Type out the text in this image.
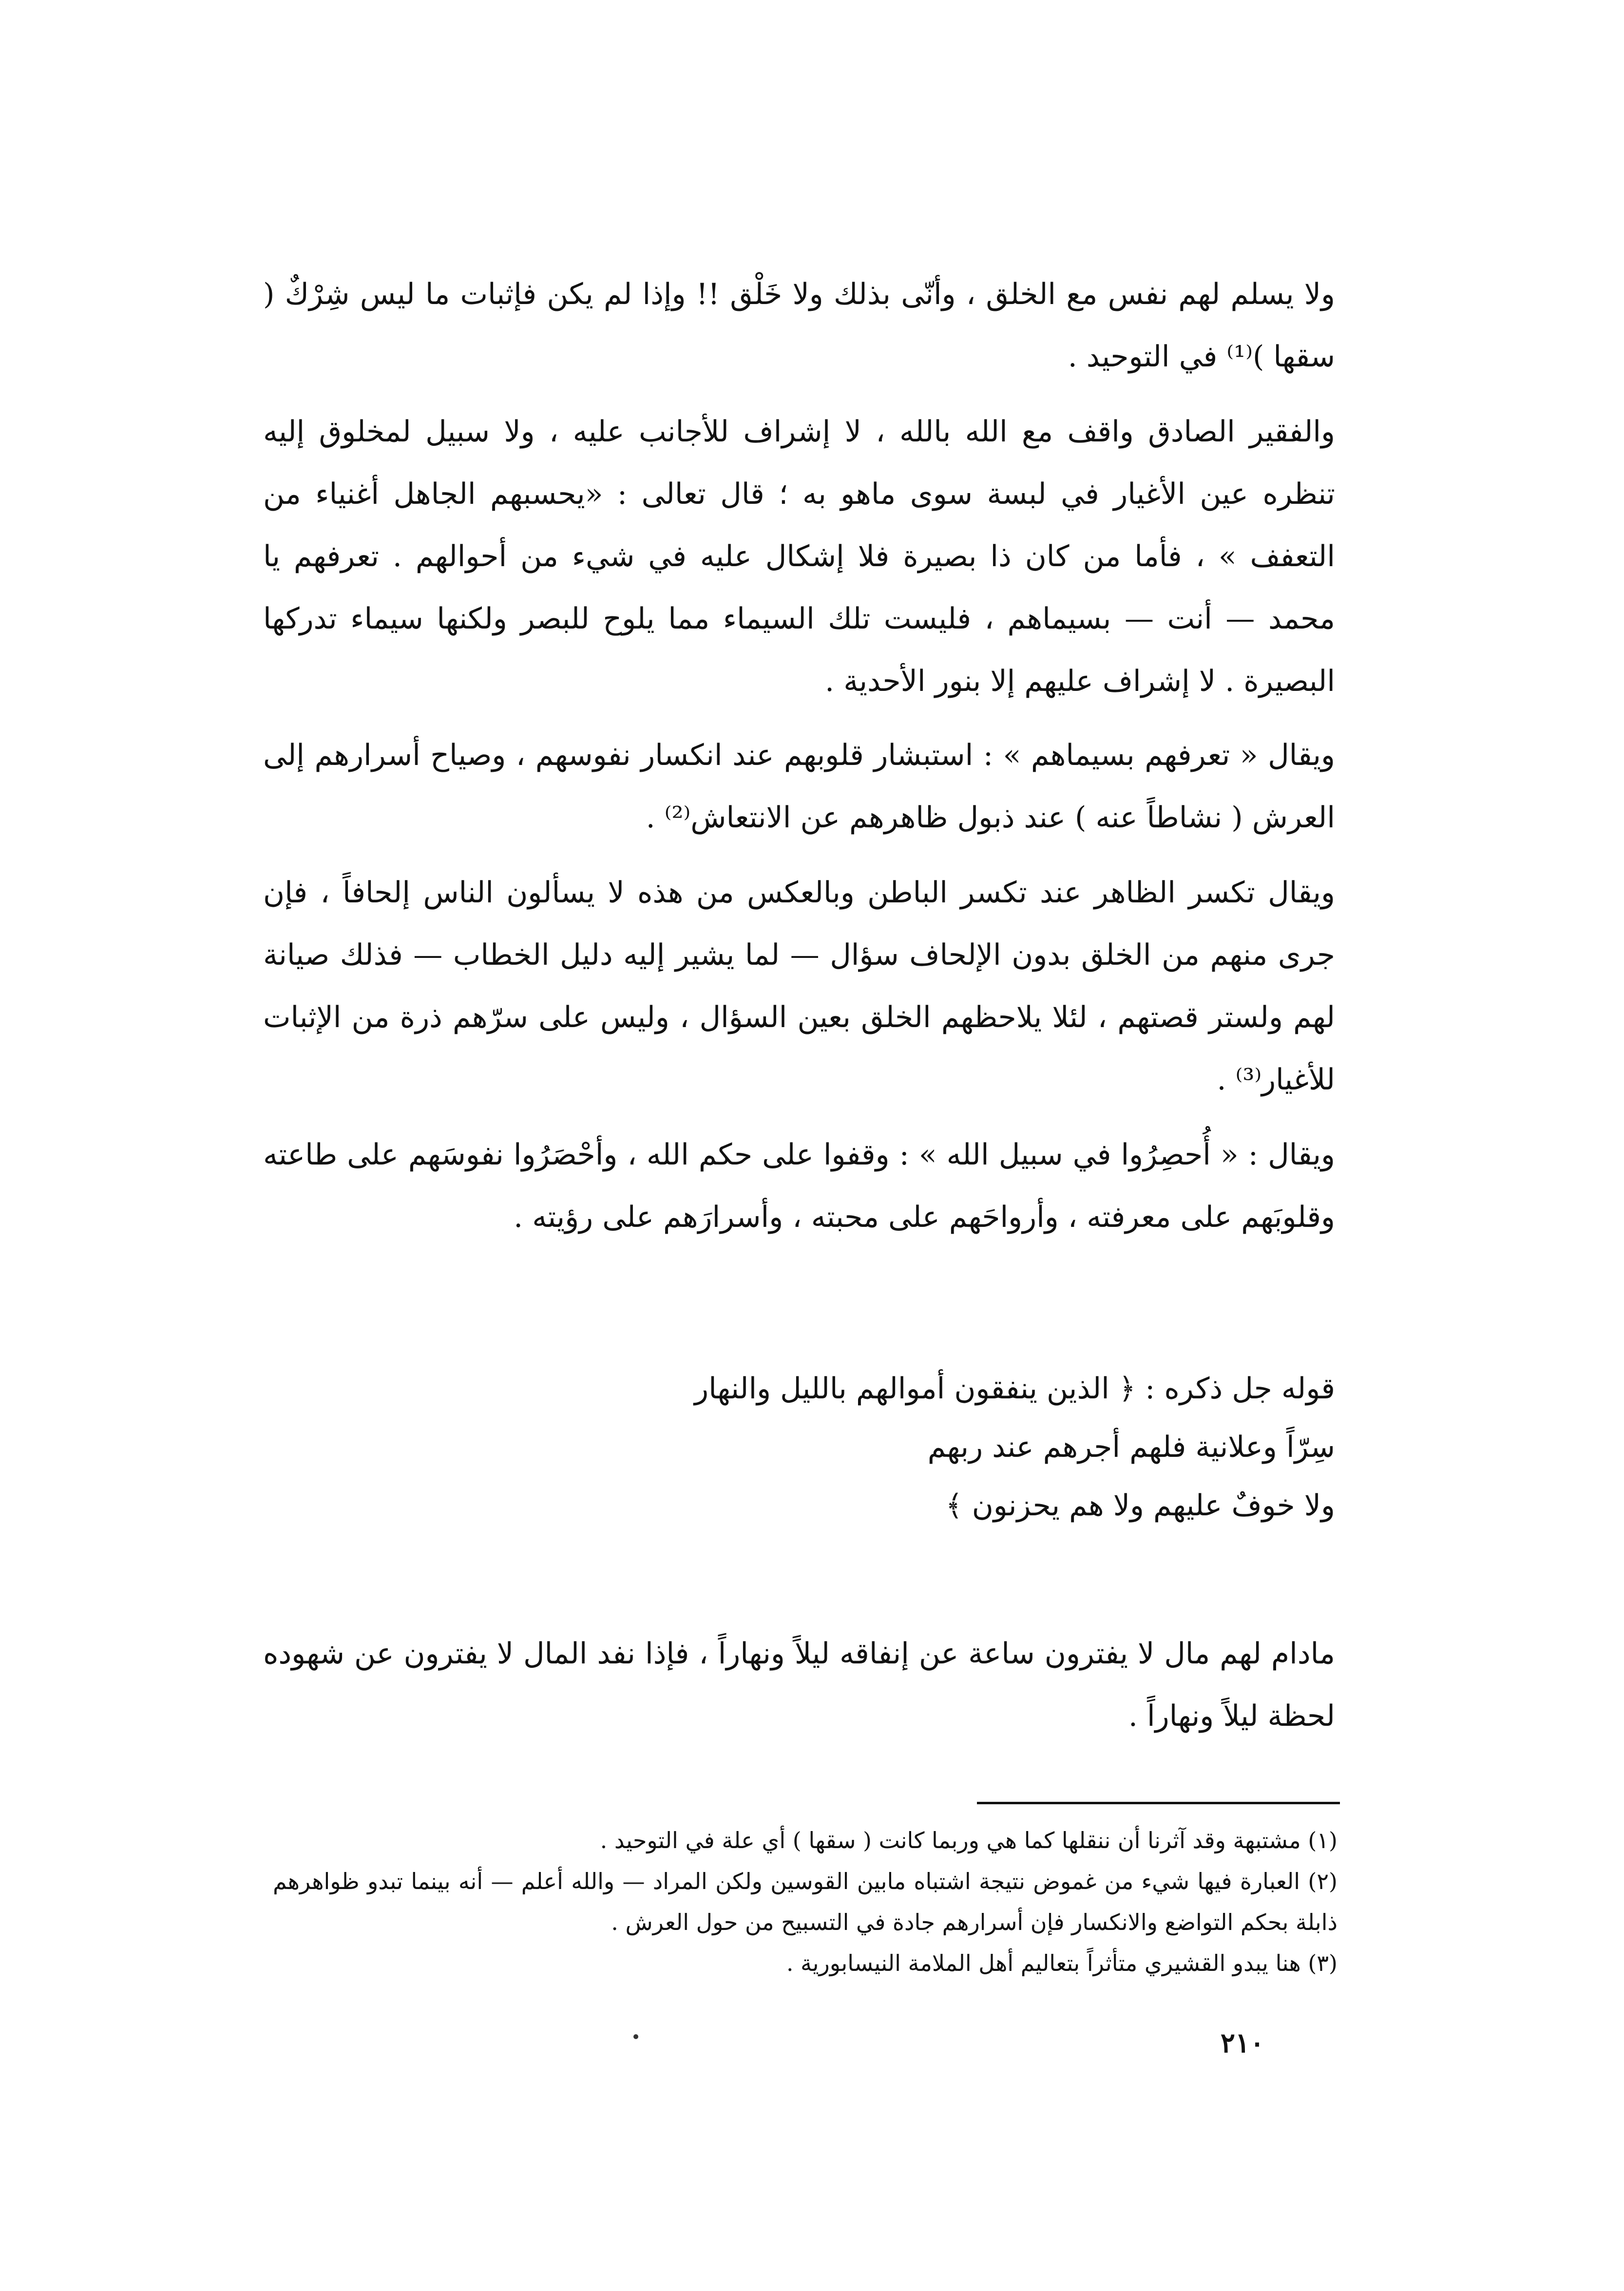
ولا يسلم لهم نفس مع الخلق ، وأنّى بذلك ولا خَلْق !! وإذا لم يكن فإثبات ما ليس شِرْكٌ ( سقها )⁽¹⁾ في التوحيد .

والفقير الصادق واقف مع الله بالله ، لا إشراف للأجانب عليه ، ولا سبيل لمخلوق إليه تنظره عين الأغيار في لبسة سوى ماهو به ؛ قال تعالى : «يحسبهم الجاهل أغنياء من التعفف » ، فأما من كان ذا بصيرة فلا إشكال عليه في شيء من أحوالهم . تعرفهم يا محمد — أنت — بسيماهم ، فليست تلك السيماء مما يلوح للبصر ولكنها سيماء تدركها البصيرة . لا إشراف عليهم إلا بنور الأحدية .

ويقال « تعرفهم بسيماهم » : استبشار قلوبهم عند انكسار نفوسهم ، وصياح أسرارهم إلى العرش ( نشاطاً عنه ) عند ذبول ظاهرهم عن الانتعاش⁽²⁾ .

ويقال تكسر الظاهر عند تكسر الباطن وبالعكس من هذه لا يسألون الناس إلحافاً ، فإن جرى منهم من الخلق بدون الإلحاف سؤال — لما يشير إليه دليل الخطاب — فذلك صيانة لهم ولستر قصتهم ، لئلا يلاحظهم الخلق بعين السؤال ، وليس على سرّهم ذرة من الإثبات للأغيار⁽³⁾ .

ويقال : « أُحصِرُوا في سبيل الله » : وقفوا على حكم الله ، وأحْصَرُوا نفوسَهم على طاعته وقلوبَهم على معرفته ، وأرواحَهم على محبته ، وأسرارَهم على رؤيته .

قوله جل ذكره : ﴿ الذين ينفقون أموالهم بالليل والنهار
سِرّاً وعلانية فلهم أجرهم عند ربهم
ولا خوفٌ عليهم ولا هم يحزنون ﴾

مادام لهم مال لا يفترون ساعة عن إنفاقه ليلاً ونهاراً ، فإذا نفد المال لا يفترون عن شهوده لحظة ليلاً ونهاراً .

(١) مشتبهة وقد آثرنا أن ننقلها كما هي وربما كانت ( سقها ) أي علة في التوحيد .

(٢) العبارة فيها شيء من غموض نتيجة اشتباه مابين القوسين ولكن المراد — والله أعلم — أنه بينما تبدو ظواهرهم ذابلة بحكم التواضع والانكسار فإن أسرارهم جادة في التسبيح من حول العرش .

(٣) هنا يبدو القشيري متأثراً بتعاليم أهل الملامة النيسابورية .

٢١٠
